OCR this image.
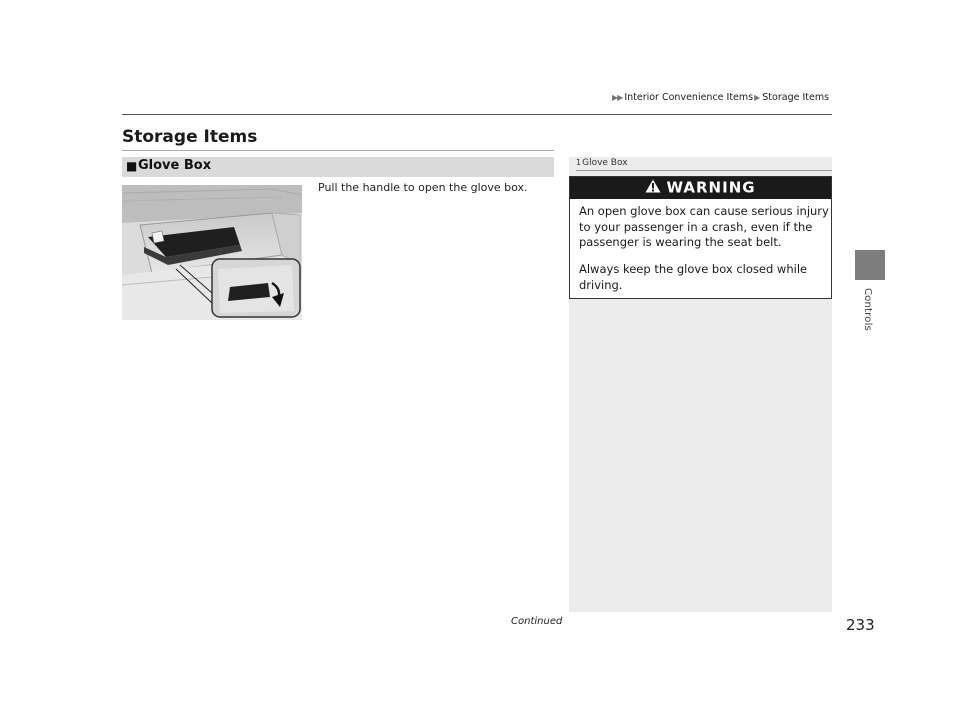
▶▶ Interior Convenience Items▶ Storage Items
Controls
Storage Items
■ Glove Box
Pull the handle to open the glove box.
1Glove Box
WARNING
An open glove box can cause serious injury to your passenger in a crash, even if the passenger is wearing the seat belt.
Always keep the glove box closed while driving.
Continued	233
